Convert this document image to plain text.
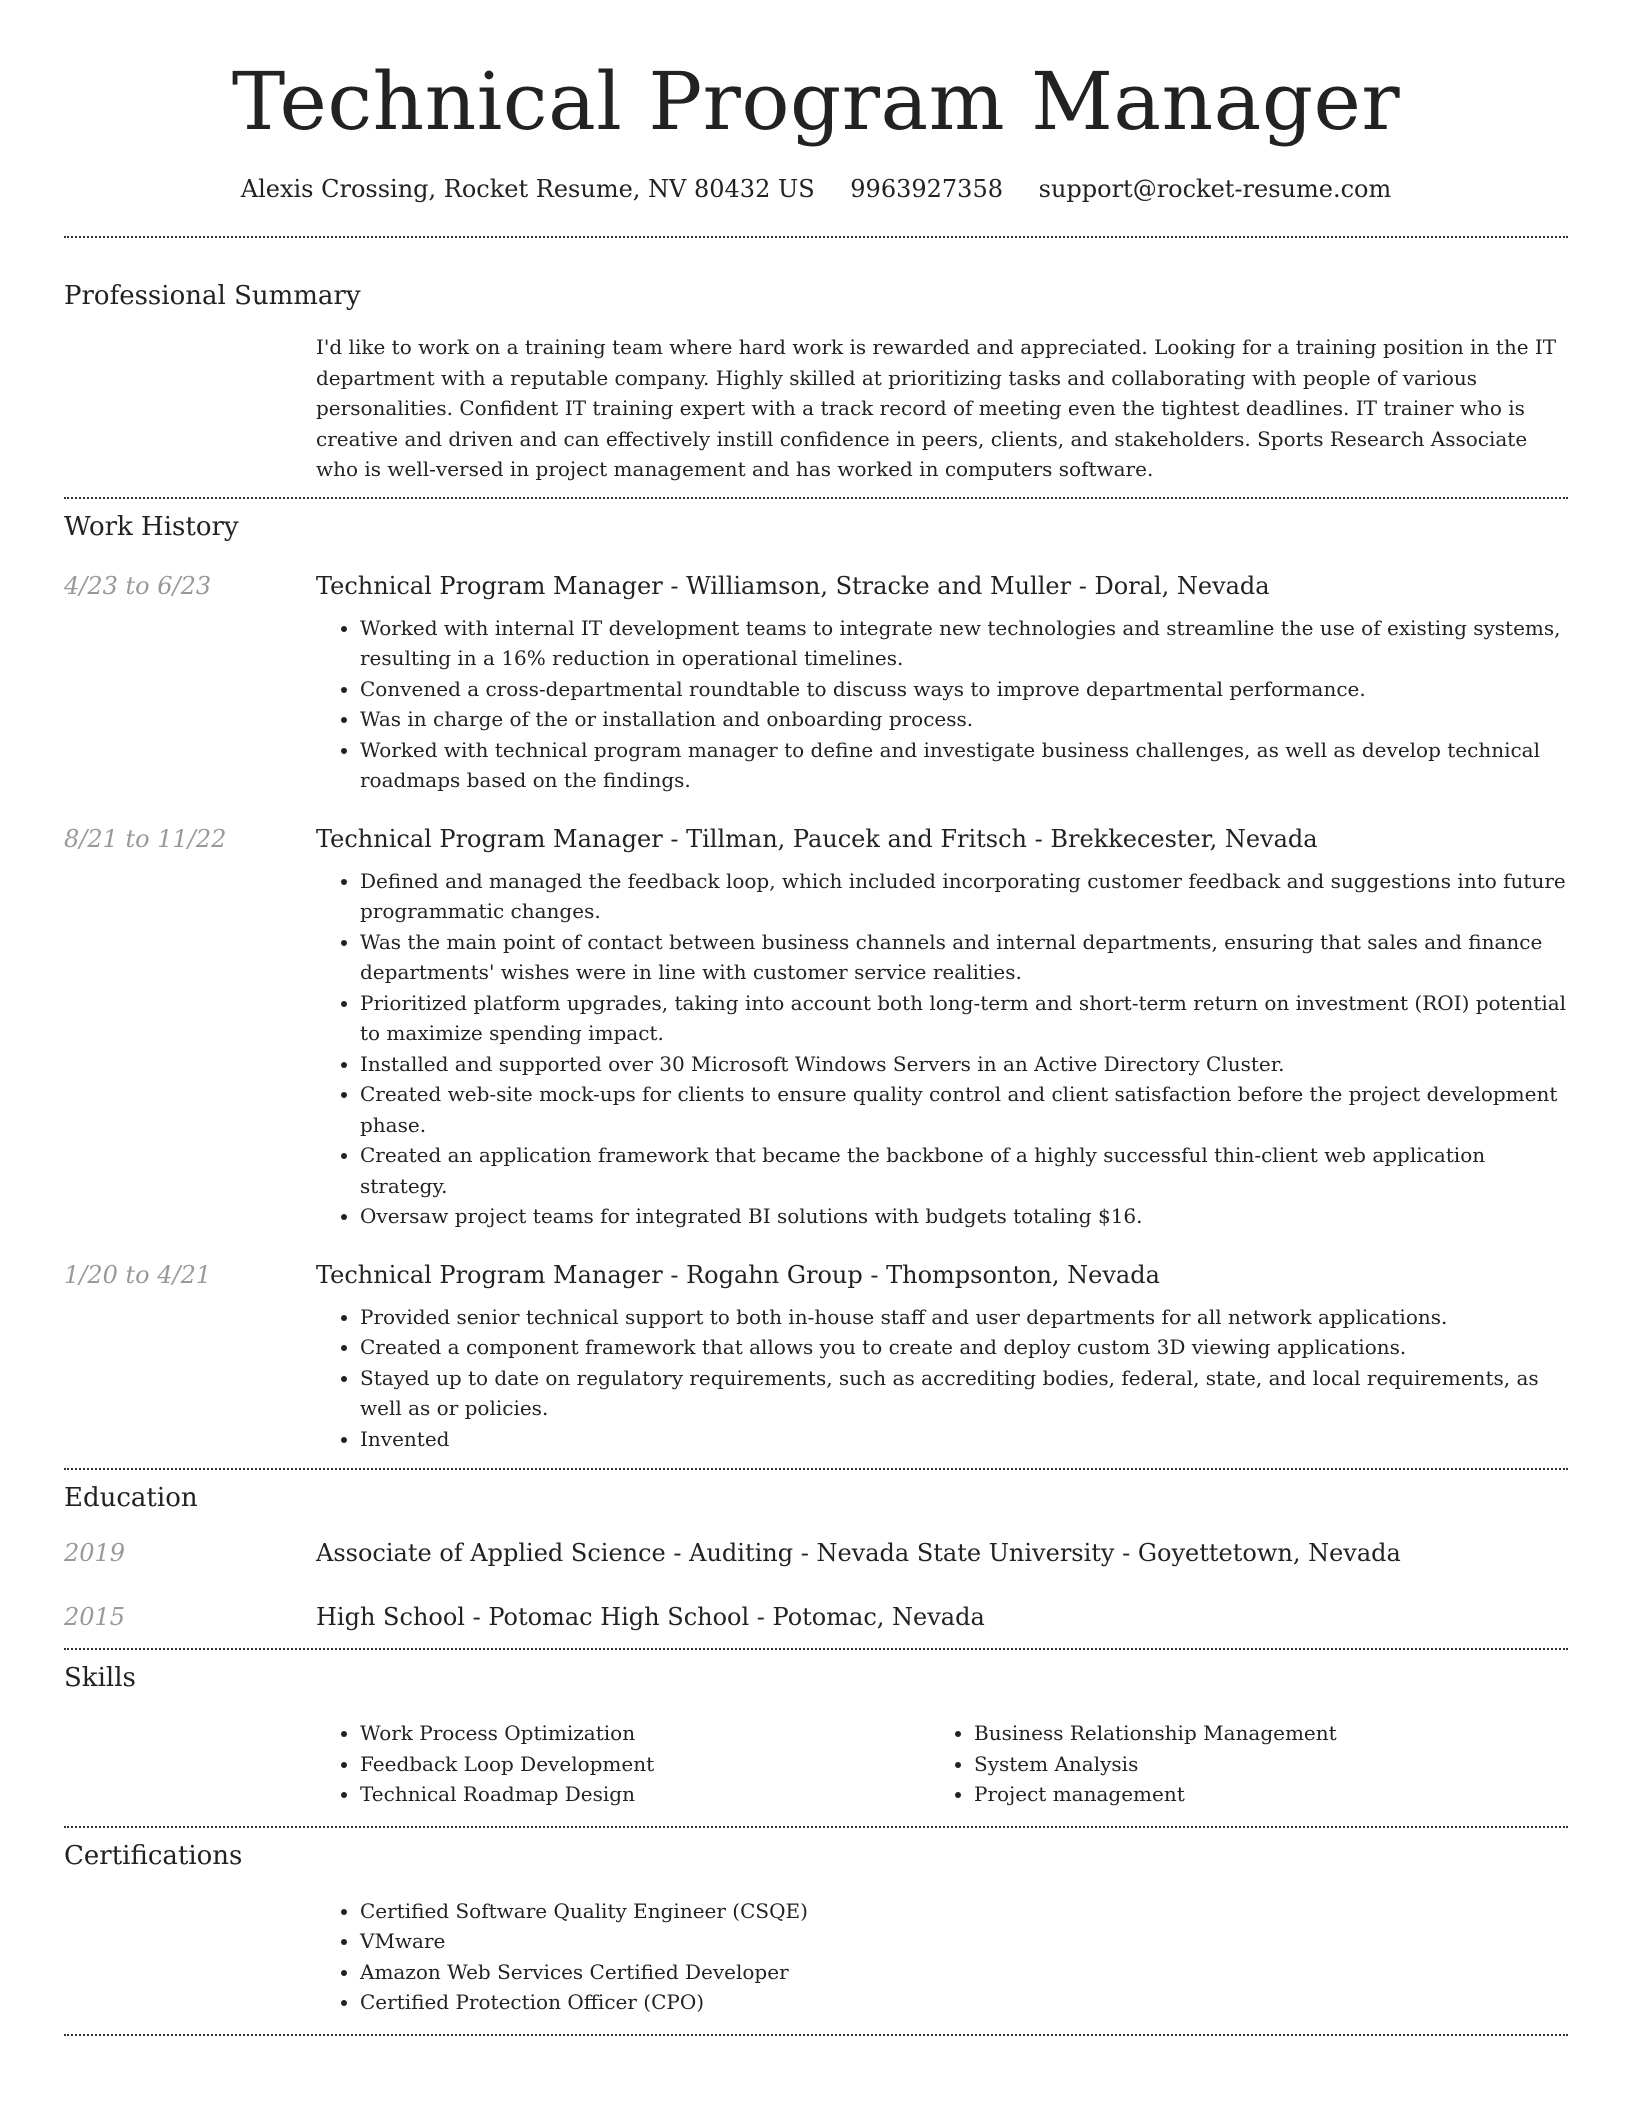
Technical Program Manager
Alexis Crossing, Rocket Resume, NV 80432 US 9963927358 support@rocket-resume.com
Professional Summary
I'd like to work on a training team where hard work is rewarded and appreciated. Looking for a training position in the IT department with a reputable company. Highly skilled at prioritizing tasks and collaborating with people of various personalities. Confident IT training expert with a track record of meeting even the tightest deadlines. IT trainer who is creative and driven and can effectively instill confidence in peers, clients, and stakeholders. Sports Research Associate who is well-versed in project management and has worked in computers software.
Work History
4/23 to 6/23	Technical Program Manager - Williamson, Stracke and Muller - Doral, Nevada
• Worked with internal IT development teams to integrate new technologies and streamline the use of existing systems, resulting in a 16% reduction in operational timelines.
• Convened a cross-departmental roundtable to discuss ways to improve departmental performance.
• Was in charge of the or installation and onboarding process.
• Worked with technical program manager to define and investigate business challenges, as well as develop technical roadmaps based on the findings.
8/21 to 11/22	Technical Program Manager - Tillman, Paucek and Fritsch - Brekkecester, Nevada
• Defined and managed the feedback loop, which included incorporating customer feedback and suggestions into future programmatic changes.
• Was the main point of contact between business channels and internal departments, ensuring that sales and finance departments' wishes were in line with customer service realities.
• Prioritized platform upgrades, taking into account both long-term and short-term return on investment (ROI) potential to maximize spending impact.
• Installed and supported over 30 Microsoft Windows Servers in an Active Directory Cluster.
• Created web-site mock-ups for clients to ensure quality control and client satisfaction before the project development phase.
• Created an application framework that became the backbone of a highly successful thin-client web application strategy.
• Oversaw project teams for integrated BI solutions with budgets totaling $16.
1/20 to 4/21	Technical Program Manager - Rogahn Group - Thompsonton, Nevada
• Provided senior technical support to both in-house staff and user departments for all network applications.
• Created a component framework that allows you to create and deploy custom 3D viewing applications.
• Stayed up to date on regulatory requirements, such as accrediting bodies, federal, state, and local requirements, as well as or policies.
• Invented
Education
2019	Associate of Applied Science - Auditing - Nevada State University - Goyettetown, Nevada
2015	High School - Potomac High School - Potomac, Nevada
Skills
• Work Process Optimization
• Feedback Loop Development
• Technical Roadmap Design
• Business Relationship Management
• System Analysis
• Project management
Certifications
• Certified Software Quality Engineer (CSQE)
• VMware
• Amazon Web Services Certified Developer
• Certified Protection Officer (CPO)
